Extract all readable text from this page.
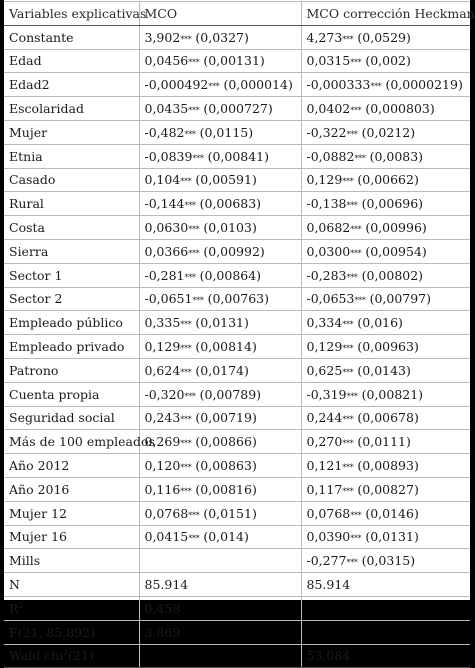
Variables explicativas	MCO	MCO corrección Heckman
Constante	3,902*** (0,0327)	4,273*** (0,0529)
Edad	0,0456*** (0,00131)	0,0315*** (0,002)
Edad2	-0,000492*** (0,000014)	-0,000333*** (0,0000219)
Escolaridad	0,0435*** (0,000727)	0,0402*** (0,000803)
Mujer	-0,482*** (0,0115)	-0,322*** (0,0212)
Etnia	-0,0839*** (0,00841)	-0,0882*** (0,0083)
Casado	0,104*** (0,00591)	0,129*** (0,00662)
Rural	-0,144*** (0,00683)	-0,138*** (0,00696)
Costa	0,0630*** (0,0103)	0,0682*** (0,00996)
Sierra	0,0366*** (0,00992)	0,0300*** (0,00954)
Sector 1	-0,281*** (0,00864)	-0,283*** (0,00802)
Sector 2	-0,0651*** (0,00763)	-0,0653*** (0,00797)
Empleado público	0,335*** (0,0131)	0,334*** (0,016)
Empleado privado	0,129*** (0,00814)	0,129*** (0,00963)
Patrono	0,624*** (0,0174)	0,625*** (0,0143)
Cuenta propia	-0,320*** (0,00789)	-0,319*** (0,00821)
Seguridad social	0,243*** (0,00719)	0,244*** (0,00678)
Más de 100 empleados	0,269*** (0,00866)	0,270*** (0,0111)
Año 2012	0,120*** (0,00863)	0,121*** (0,00893)
Año 2016	0,116*** (0,00816)	0,117*** (0,00827)
Mujer 12	0,0768*** (0,0151)	0,0768*** (0,0146)
Mujer 16	0,0415*** (0,014)	0,0390*** (0,0131)
Mills		-0,277*** (0,0315)
N	85.914	85.914
$R^2$	0,458	
F(21, 85.892)	3.869	
Wald chi$^2$(21)		53.084
